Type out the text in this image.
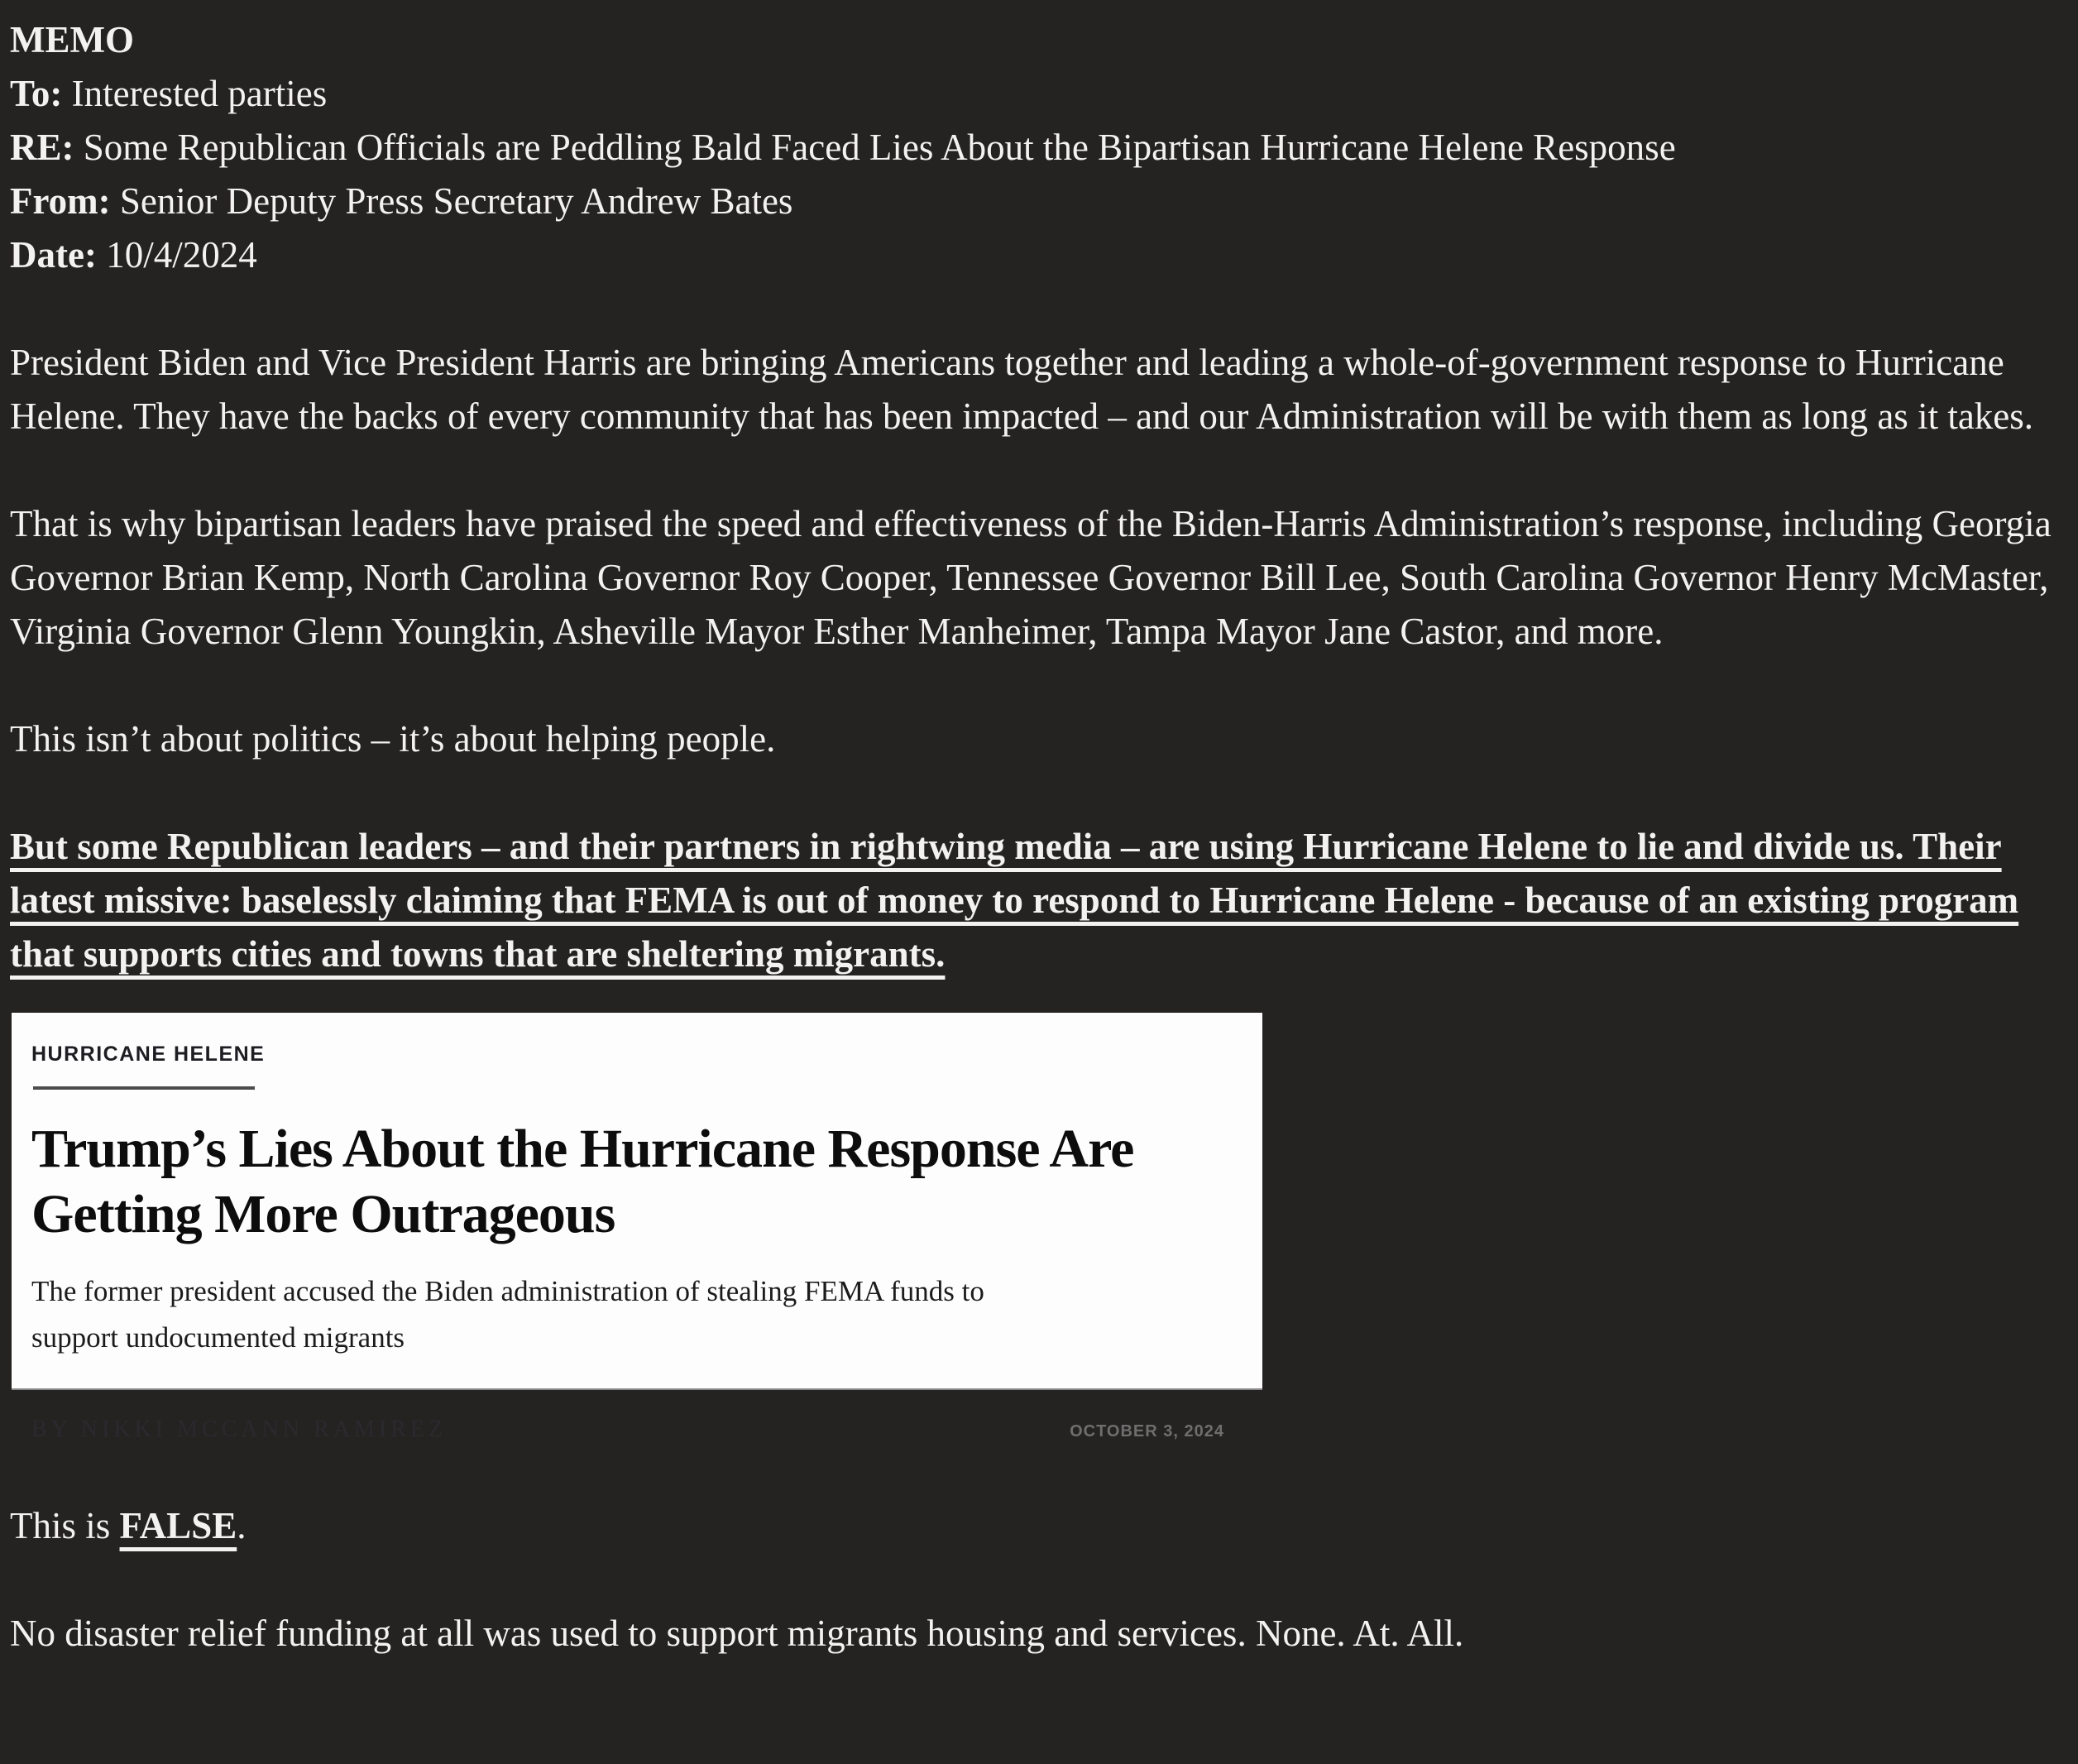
MEMO
To: Interested parties
RE: Some Republican Officials are Peddling Bald Faced Lies About the Bipartisan Hurricane Helene Response
From: Senior Deputy Press Secretary Andrew Bates
Date: 10/4/2024

President Biden and Vice President Harris are bringing Americans together and leading a whole-of-government response to Hurricane Helene. They have the backs of every community that has been impacted – and our Administration will be with them as long as it takes.

That is why bipartisan leaders have praised the speed and effectiveness of the Biden-Harris Administration’s response, including Georgia Governor Brian Kemp, North Carolina Governor Roy Cooper, Tennessee Governor Bill Lee, South Carolina Governor Henry McMaster, Virginia Governor Glenn Youngkin, Asheville Mayor Esther Manheimer, Tampa Mayor Jane Castor, and more.

This isn’t about politics – it’s about helping people.

But some Republican leaders – and their partners in rightwing media – are using Hurricane Helene to lie and divide us. Their latest missive: baselessly claiming that FEMA is out of money to respond to Hurricane Helene - because of an existing program that supports cities and towns that are sheltering migrants.

HURRICANE HELENE
Trump’s Lies About the Hurricane Response Are Getting More Outrageous
The former president accused the Biden administration of stealing FEMA funds to support undocumented migrants
BY NIKKI MCCANN RAMIREZ	OCTOBER 3, 2024

This is FALSE.

No disaster relief funding at all was used to support migrants housing and services. None. At. All.
